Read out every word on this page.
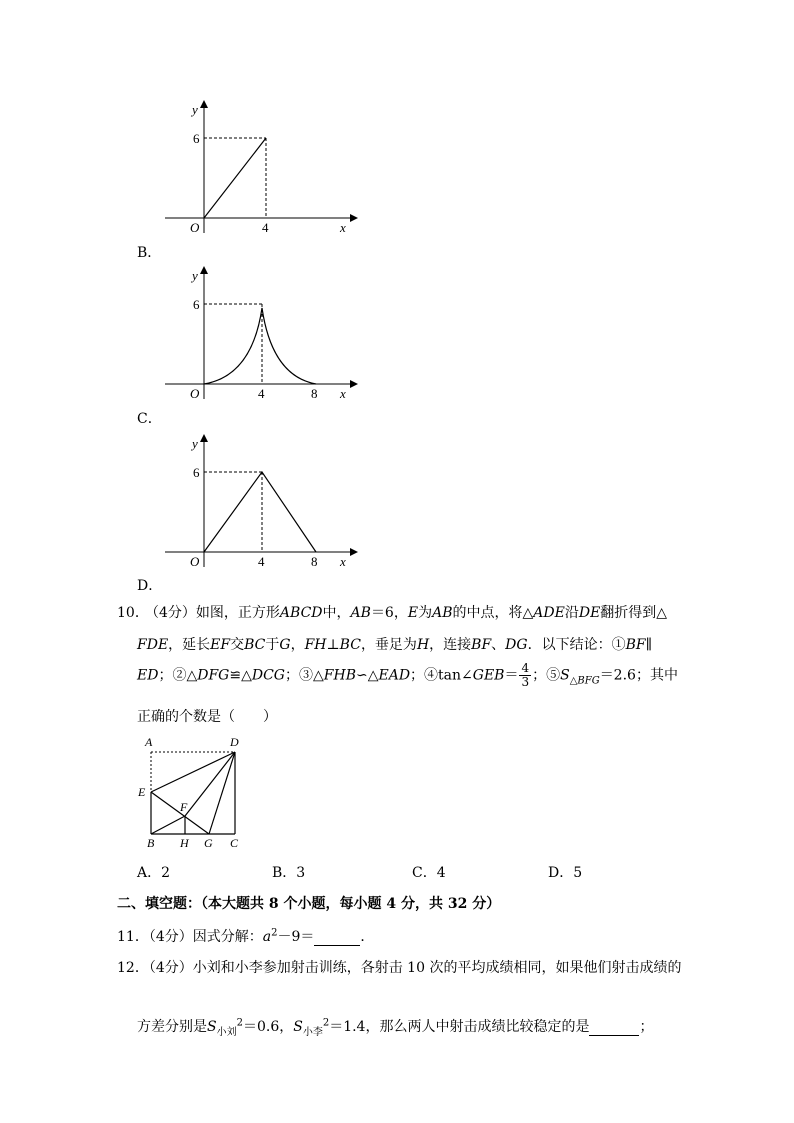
y
x
O
6
4
B．
y
x
O
6
4	8
C．
y
x
O
6
4	8
D．
10．
（4分）如图，正方形ABCD中，AB＝6，E为AB的中点，将△ADE沿DE翻折得到△
FDE，延长EF交BC于G，FH⊥BC，垂足为H，连接BF、DG．以下结论：①BF∥
ED；②△DFG≌△DCG；③△FHB∽△EAD；④tan∠GEB＝ $\frac{4}{3}$ ；$⑤S_{\triangle BFG}=2.6$；其中
正确的个数是（　　）
A	D
E
F
B H G C
A．2	B．3	C．4	D．5
二、填空题：（本大题共 8 个小题，每小题 4 分，共 32 分）
11．（4分）因式分解：$a^2-9=$	．
12．（4分）小刘和小李参加射击训练，各射击 10 次的平均成绩相同，如果他们射击成绩的
方差分别是$S_{小刘}^2=0.6$，$S_{小李}^2=1.4$，那么两人中射击成绩比较稳定的是	；
